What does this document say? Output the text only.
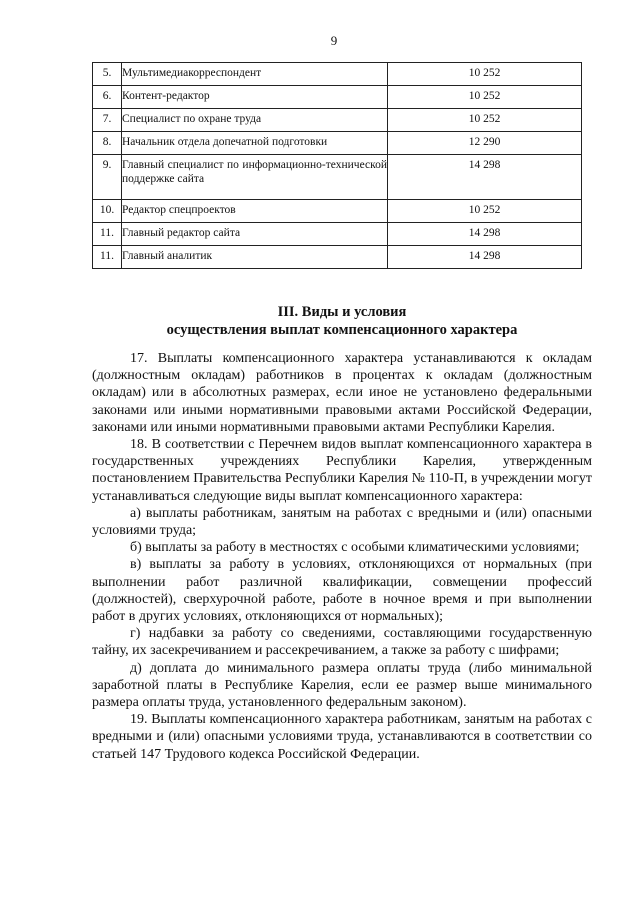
9
5.	Мультимедиакорреспондент	10 252
6.	Контент-редактор	10 252
7.	Специалист по охране труда	10 252
8.	Начальник отдела допечатной подготовки	12 290
9.	Главный специалист по информационно-технической поддержке сайта	14 298
10.	Редактор спецпроектов	10 252
11.	Главный редактор сайта	14 298
11.	Главный аналитик	14 298
III. Виды и условия
осуществления выплат компенсационного характера

17. Выплаты компенсационного характера устанавливаются к окладам (должностным окладам) работников в процентах к окладам (должностным окладам) или в абсолютных размерах, если иное не установлено федеральными законами или иными нормативными правовыми актами Российской Федерации, законами или иными нормативными правовыми актами Республики Карелия.

18. В соответствии с Перечнем видов выплат компенсационного характера в государственных учреждениях Республики Карелия, утвержденным постановлением Правительства Республики Карелия № 110-П, в учреждении могут устанавливаться следующие виды выплат компенсационного характера:

а) выплаты работникам, занятым на работах с вредными и (или) опасными условиями труда;

б) выплаты за работу в местностях с особыми климатическими условиями;

в) выплаты за работу в условиях, отклоняющихся от нормальных (при выполнении работ различной квалификации, совмещении профессий (должностей), сверхурочной работе, работе в ночное время и при выполнении работ в других условиях, отклоняющихся от нормальных);

г) надбавки за работу со сведениями, составляющими государственную тайну, их засекречиванием и рассекречиванием, а также за работу с шифрами;

д) доплата до минимального размера оплаты труда (либо минимальной заработной платы в Республике Карелия, если ее размер выше минимального размера оплаты труда, установленного федеральным законом).

19. Выплаты компенсационного характера работникам, занятым на работах с вредными и (или) опасными условиями труда, устанавливаются в соответствии со статьей 147 Трудового кодекса Российской Федерации.
